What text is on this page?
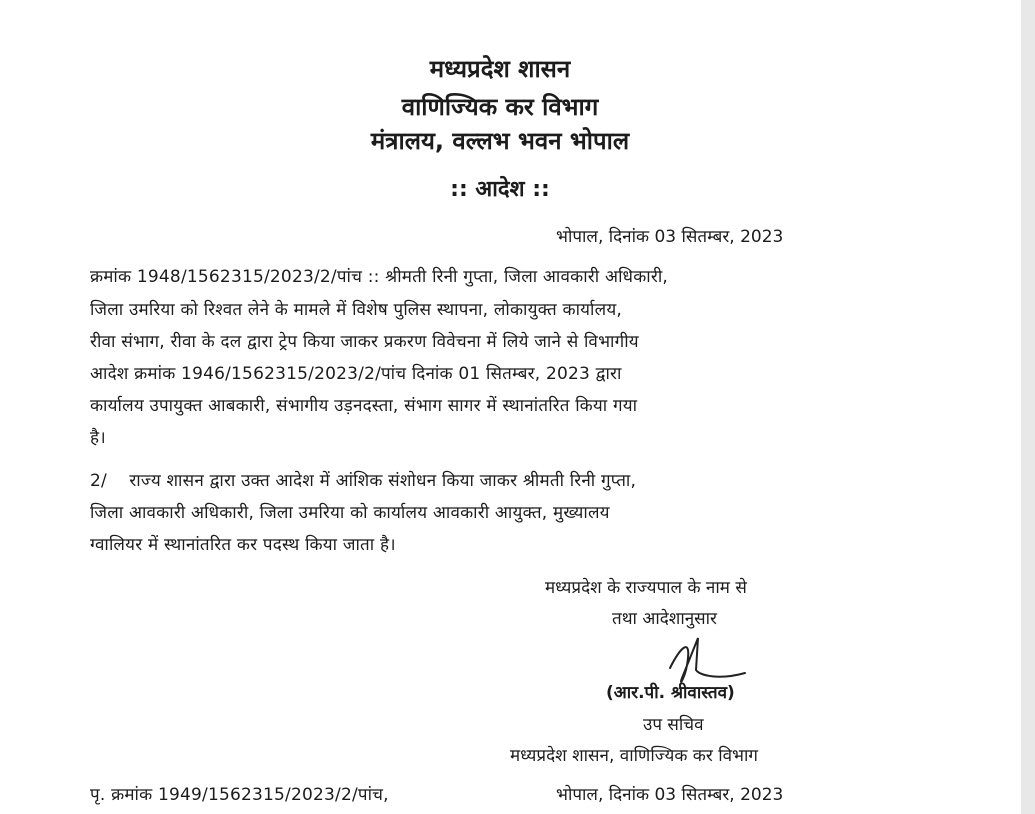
मध्यप्रदेश शासन
वाणिज्यिक कर विभाग
मंत्रालय, वल्लभ भवन भोपाल
:: आदेश ::
भोपाल, दिनांक 03 सितम्बर, 2023
क्रमांक 1948/1562315/2023/2/पांच :: श्रीमती रिनी गुप्ता, जिला आवकारी अधिकारी,
जिला उमरिया को रिश्वत लेने के मामले में विशेष पुलिस स्थापना, लोकायुक्त कार्यालय,
रीवा संभाग, रीवा के दल द्वारा ट्रेप किया जाकर प्रकरण विवेचना में लिये जाने से विभागीय
आदेश क्रमांक 1946/1562315/2023/2/पांच दिनांक 01 सितम्बर, 2023 द्वारा
कार्यालय उपायुक्त आबकारी, संभागीय उड़नदस्ता, संभाग सागर में स्थानांतरित किया गया
है।
2/    राज्य शासन द्वारा उक्त आदेश में आंशिक संशोधन किया जाकर श्रीमती रिनी गुप्ता,
जिला आवकारी अधिकारी, जिला उमरिया को कार्यालय आवकारी आयुक्त, मुख्यालय
ग्वालियर में स्थानांतरित कर पदस्थ किया जाता है।
मध्यप्रदेश के राज्यपाल के नाम से
तथा आदेशानुसार
(आर.पी. श्रीवास्तव)
उप सचिव
मध्यप्रदेश शासन, वाणिज्यिक कर विभाग
पृ. क्रमांक 1949/1562315/2023/2/पांच,	भोपाल, दिनांक 03 सितम्बर, 2023
